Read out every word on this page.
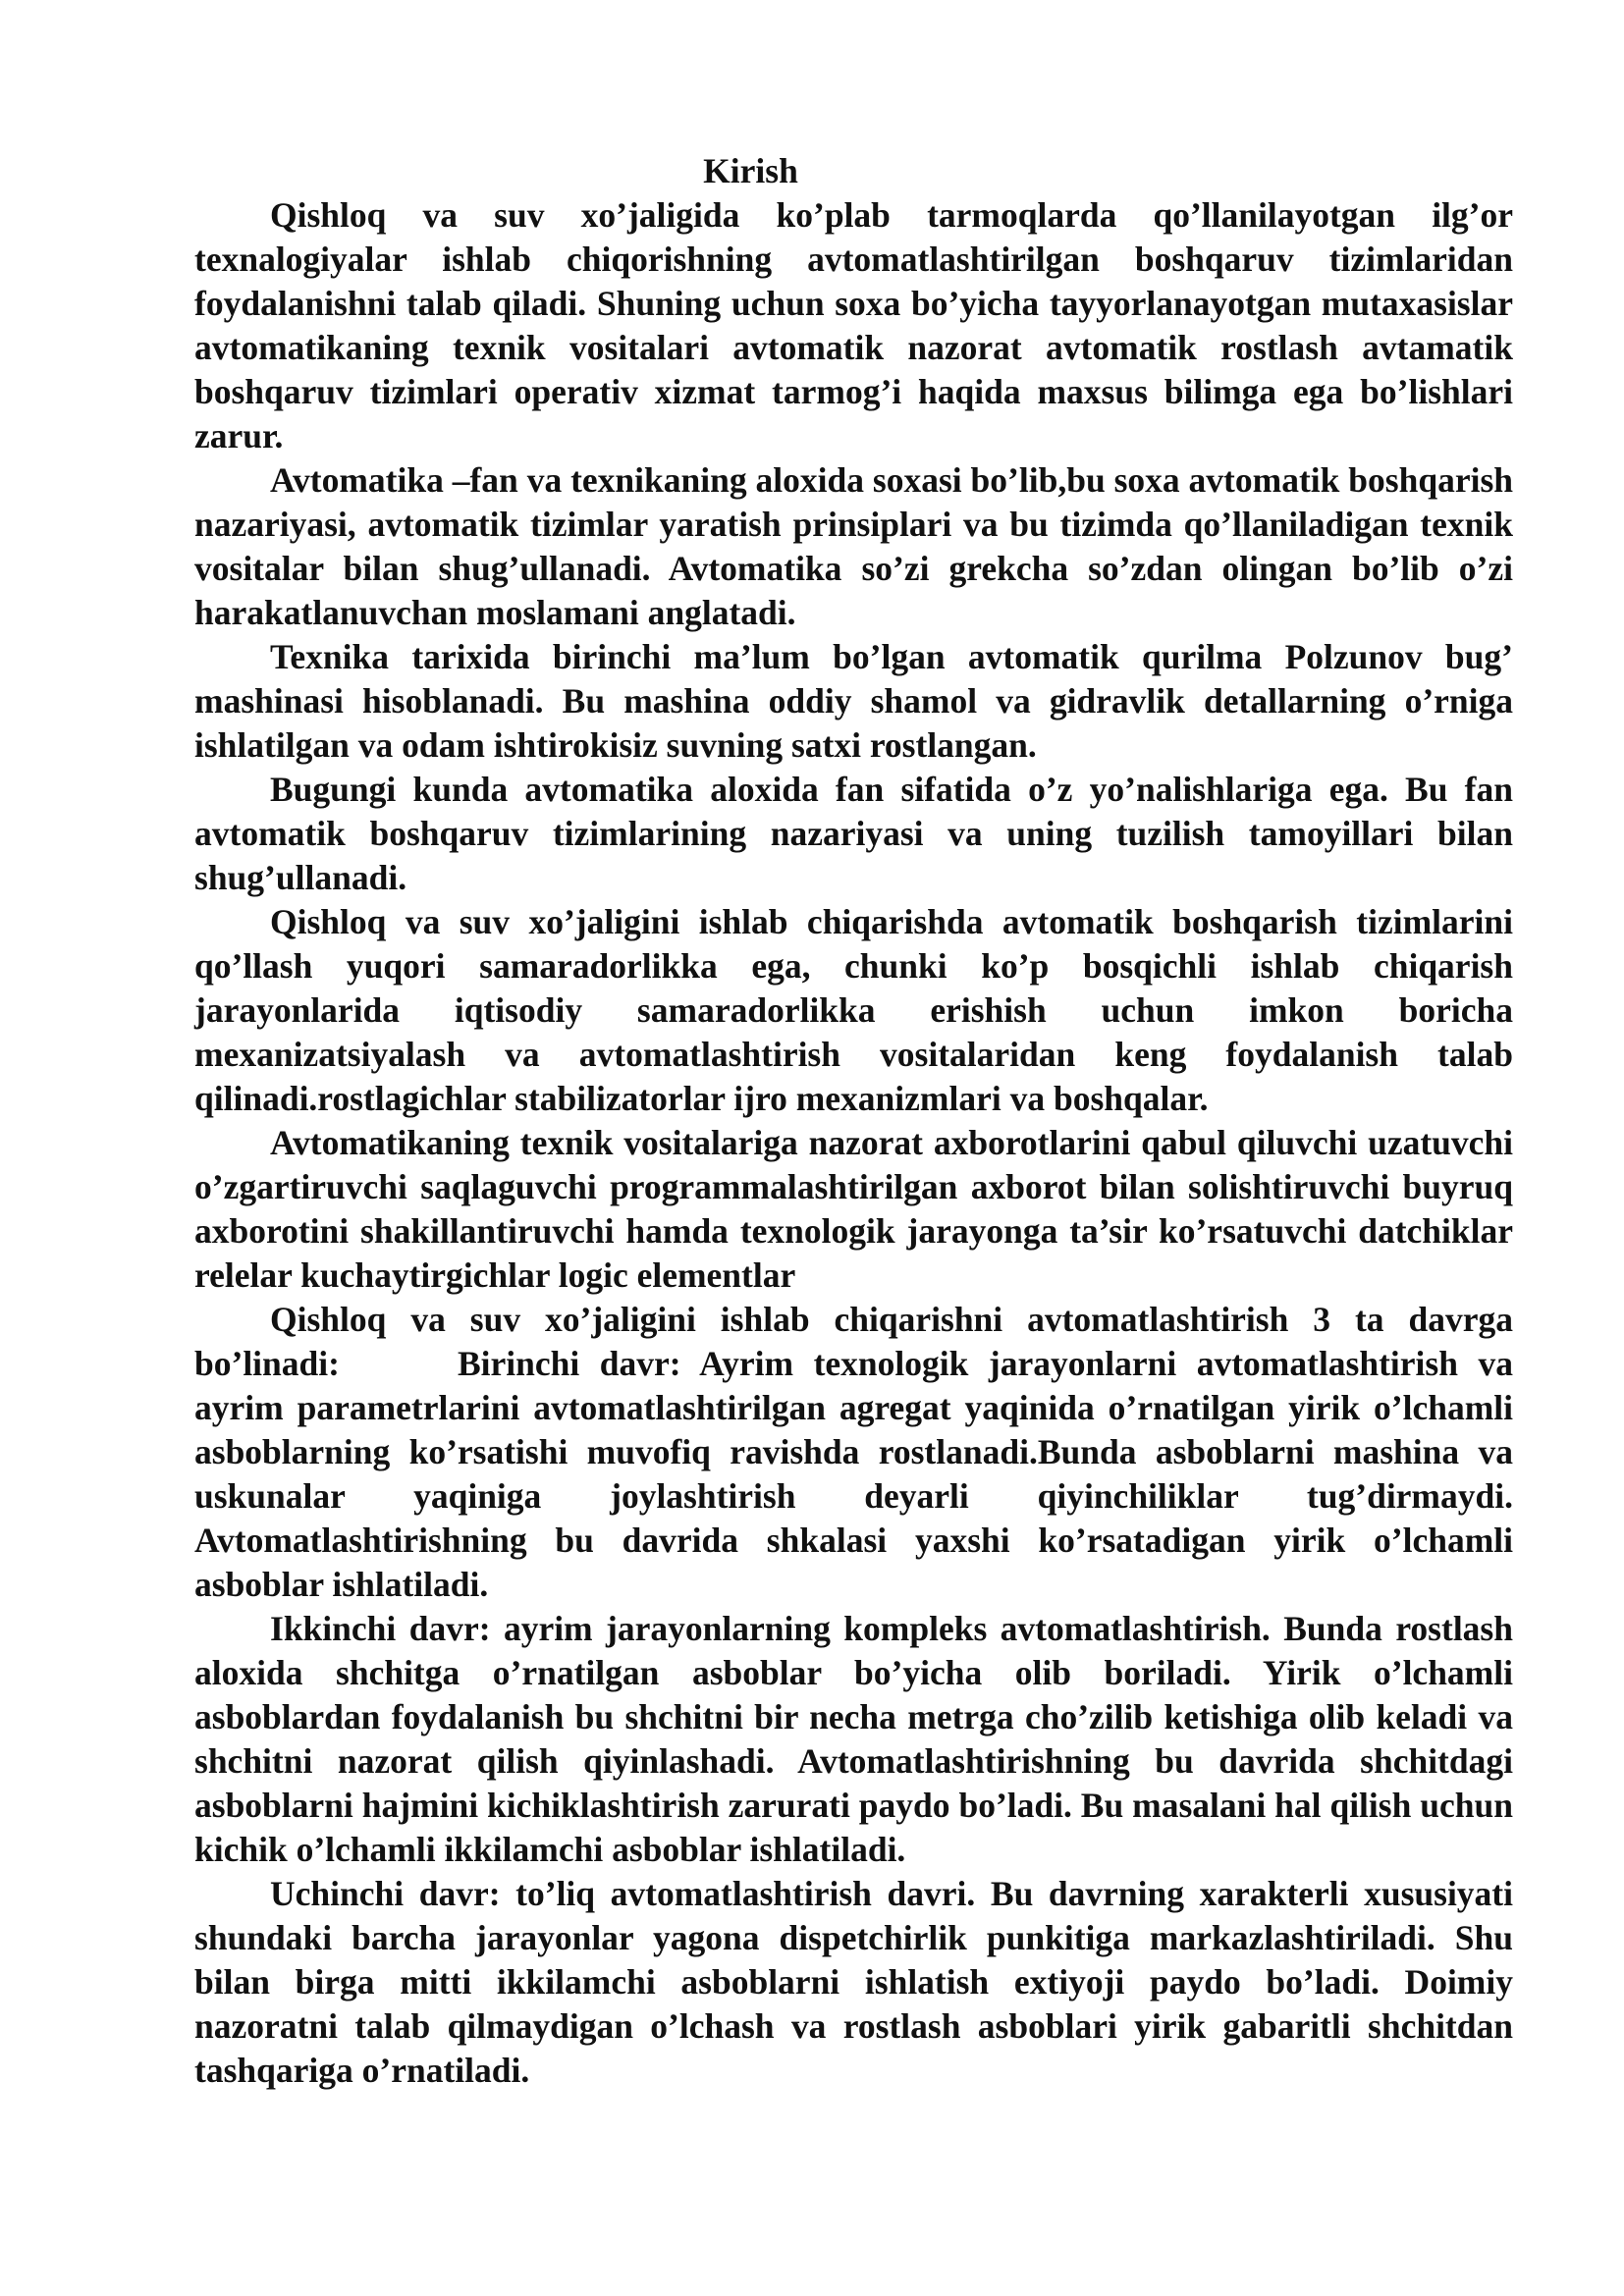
Kirish

Qishloq va suv xo’jaligida ko’plab tarmoqlarda qo’llanilayotgan ilg’or texnalogiyalar ishlab chiqorishning avtomatlashtirilgan boshqaruv tizimlaridan foydalanishni talab qiladi. Shuning uchun soxa bo’yicha tayyorlanayotgan mutaxasislar avtomatikaning texnik vositalari avtomatik nazorat avtomatik rostlash avtamatik boshqaruv tizimlari operativ xizmat tarmog’i haqida maxsus bilimga ega bo’lishlari zarur.

Avtomatika –fan va texnikaning aloxida soxasi bo’lib,bu soxa avtomatik boshqarish nazariyasi, avtomatik tizimlar yaratish prinsiplari va bu tizimda qo’llaniladigan texnik vositalar bilan shug’ullanadi. Avtomatika so’zi grekcha so’zdan olingan bo’lib o’zi harakatlanuvchan moslamani anglatadi.

Texnika tarixida birinchi ma’lum bo’lgan avtomatik qurilma Polzunov bug’ mashinasi hisoblanadi. Bu mashina oddiy shamol va gidravlik detallarning o’rniga ishlatilgan va odam ishtirokisiz suvning satxi rostlangan.

Bugungi kunda avtomatika aloxida fan sifatida o’z yo’nalishlariga ega. Bu fan avtomatik boshqaruv tizimlarining nazariyasi va uning tuzilish tamoyillari bilan shug’ullanadi.

Qishloq va suv xo’jaligini ishlab chiqarishda avtomatik boshqarish tizimlarini qo’llash yuqori samaradorlikka ega, chunki ko’p bosqichli ishlab chiqarish jarayonlarida iqtisodiy samaradorlikka erishish uchun imkon boricha mexanizatsiyalash va avtomatlashtirish vositalaridan keng foydalanish talab qilinadi.rostlagichlar stabilizatorlar ijro mexanizmlari va boshqalar.

Avtomatikaning texnik vositalariga nazorat axborotlarini qabul qiluvchi uzatuvchi o’zgartiruvchi saqlaguvchi programmalashtirilgan axborot bilan solishtiruvchi buyruq axborotini shakillantiruvchi hamda texnologik jarayonga ta’sir ko’rsatuvchi datchiklar relelar kuchaytirgichlar logic elementlar

Qishloq va suv xo’jaligini ishlab chiqarishni avtomatlashtirish 3 ta davrga bo’linadi:	Birinchi davr: Ayrim texnologik jarayonlarni avtomatlashtirish va ayrim parametrlarini avtomatlashtirilgan agregat yaqinida o’rnatilgan yirik o’lchamli asboblarning ko’rsatishi muvofiq ravishda rostlanadi.Bunda asboblarni mashina va uskunalar yaqiniga joylashtirish deyarli qiyinchiliklar tug’dirmaydi. Avtomatlashtirishning bu davrida shkalasi yaxshi ko’rsatadigan yirik o’lchamli asboblar ishlatiladi.

Ikkinchi davr: ayrim jarayonlarning kompleks avtomatlashtirish. Bunda rostlash aloxida shchitga o’rnatilgan asboblar bo’yicha olib boriladi. Yirik o’lchamli asboblardan foydalanish bu shchitni bir necha metrga cho’zilib ketishiga olib keladi va shchitni nazorat qilish qiyinlashadi. Avtomatlashtirishning bu davrida shchitdagi asboblarni hajmini kichiklashtirish zarurati paydo bo’ladi. Bu masalani hal qilish uchun kichik o’lchamli ikkilamchi asboblar ishlatiladi.

Uchinchi davr: to’liq avtomatlashtirish davri. Bu davrning xarakterli xususiyati shundaki barcha jarayonlar yagona dispetchirlik punkitiga markazlashtiriladi. Shu bilan birga mitti ikkilamchi asboblarni ishlatish extiyoji paydo bo’ladi. Doimiy nazoratni talab qilmaydigan o’lchash va rostlash asboblari yirik gabaritli shchitdan tashqariga o’rnatiladi.
